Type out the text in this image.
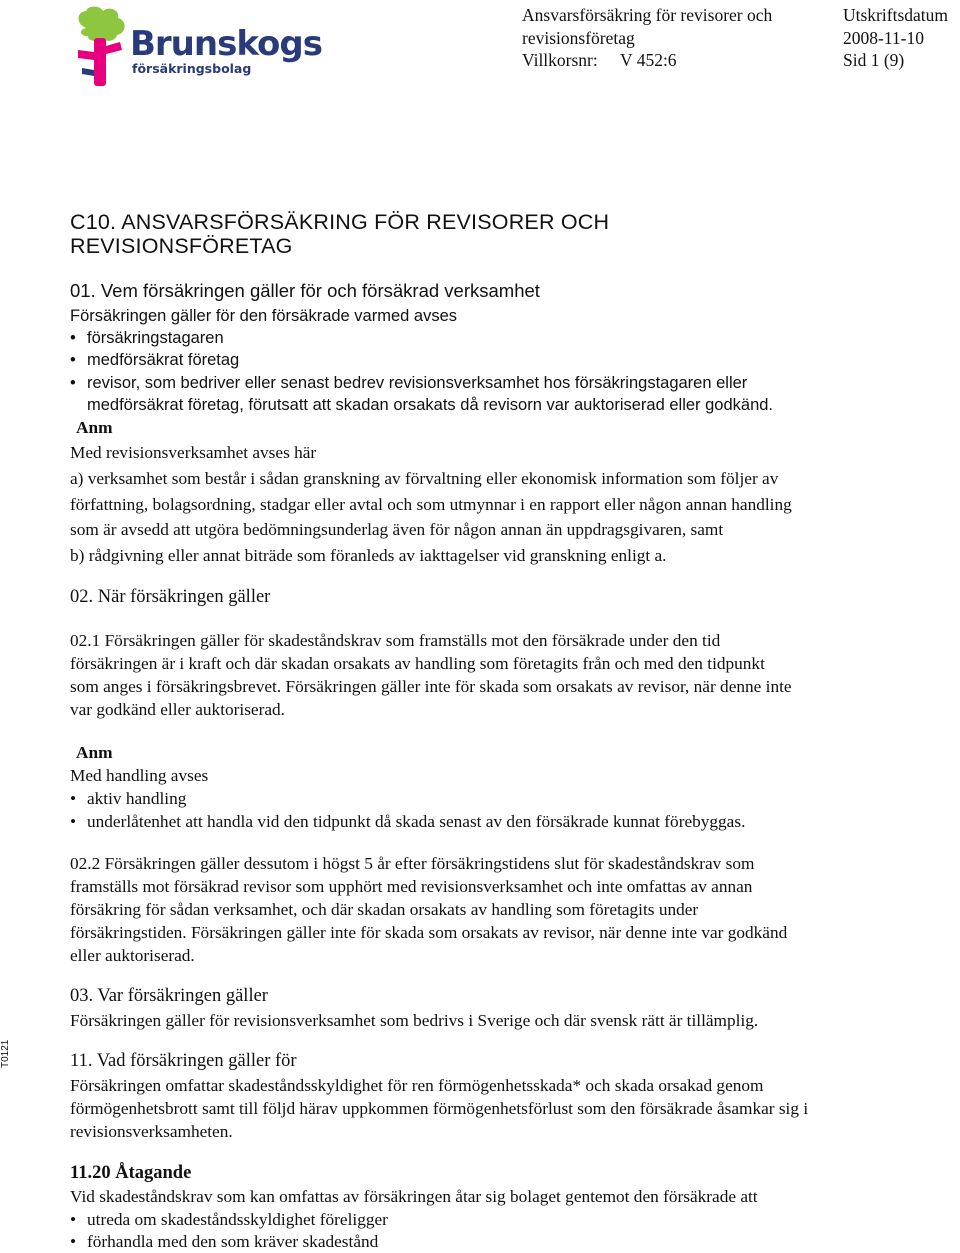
Brunskogs
försäkringsbolag
Ansvarsförsäkring för revisorer och
revisionsföretag
Villkorsnr: V 452:6
Utskriftsdatum
2008-11-10
Sid 1 (9)
C10. ANSVARSFÖRSÄKRING FÖR REVISORER OCH
REVISIONSFÖRETAG
01. Vem försäkringen gäller för och försäkrad verksamhet
Försäkringen gäller för den försäkrade varmed avses
• försäkringstagaren
• medförsäkrat företag
• revisor, som bedriver eller senast bedrev revisionsverksamhet hos försäkringstagaren eller
medförsäkrat företag, förutsatt att skadan orsakats då revisorn var auktoriserad eller godkänd.
Anm
Med revisionsverksamhet avses här
a) verksamhet som består i sådan granskning av förvaltning eller ekonomisk information som följer av
författning, bolagsordning, stadgar eller avtal och som utmynnar i en rapport eller någon annan handling
som är avsedd att utgöra bedömningsunderlag även för någon annan än uppdragsgivaren, samt
b) rådgivning eller annat biträde som föranleds av iakttagelser vid granskning enligt a.
02. När försäkringen gäller
02.1 Försäkringen gäller för skadeståndskrav som framställs mot den försäkrade under den tid
försäkringen är i kraft och där skadan orsakats av handling som företagits från och med den tidpunkt
som anges i försäkringsbrevet. Försäkringen gäller inte för skada som orsakats av revisor, när denne inte
var godkänd eller auktoriserad.
Anm
Med handling avses
• aktiv handling
• underlåtenhet att handla vid den tidpunkt då skada senast av den försäkrade kunnat förebyggas.
02.2 Försäkringen gäller dessutom i högst 5 år efter försäkringstidens slut för skadeståndskrav som
framställs mot försäkrad revisor som upphört med revisionsverksamhet och inte omfattas av annan
försäkring för sådan verksamhet, och där skadan orsakats av handling som företagits under
försäkringstiden. Försäkringen gäller inte för skada som orsakats av revisor, när denne inte var godkänd
eller auktoriserad.
03. Var försäkringen gäller
Försäkringen gäller för revisionsverksamhet som bedrivs i Sverige och där svensk rätt är tillämplig.
T0121	11. Vad försäkringen gäller för
Försäkringen omfattar skadeståndsskyldighet för ren förmögenhetsskada* och skada orsakad genom
förmögenhetsbrott samt till följd härav uppkommen förmögenhetsförlust som den försäkrade åsamkar sig i
revisionsverksamheten.
11.20 Åtagande
Vid skadeståndskrav som kan omfattas av försäkringen åtar sig bolaget gentemot den försäkrade att
• utreda om skadeståndsskyldighet föreligger
• förhandla med den som kräver skadestånd
